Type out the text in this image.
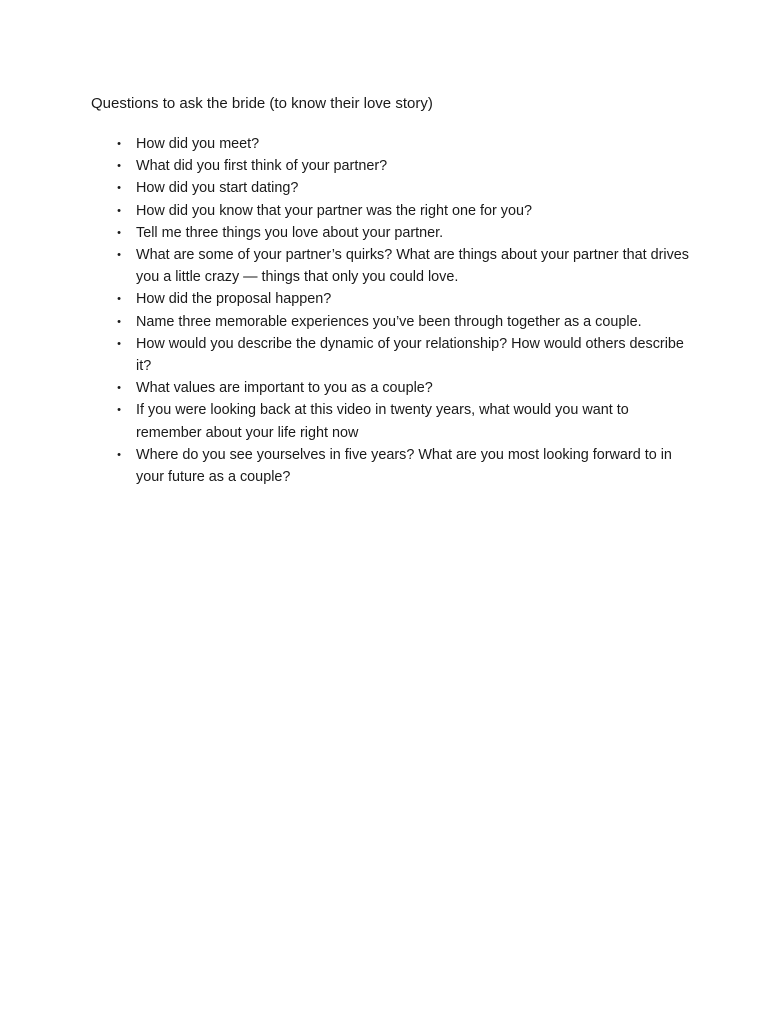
Questions to ask the bride (to know their love story)
• How did you meet?
• What did you first think of your partner?
• How did you start dating?
• How did you know that your partner was the right one for you?
• Tell me three things you love about your partner.
• What are some of your partner’s quirks? What are things about your partner that drives you a little crazy — things that only you could love.
• How did the proposal happen?
• Name three memorable experiences you’ve been through together as a couple.
• How would you describe the dynamic of your relationship? How would others describe it?
• What values are important to you as a couple?
• If you were looking back at this video in twenty years, what would you want to remember about your life right now
• Where do you see yourselves in five years? What are you most looking forward to in your future as a couple?
